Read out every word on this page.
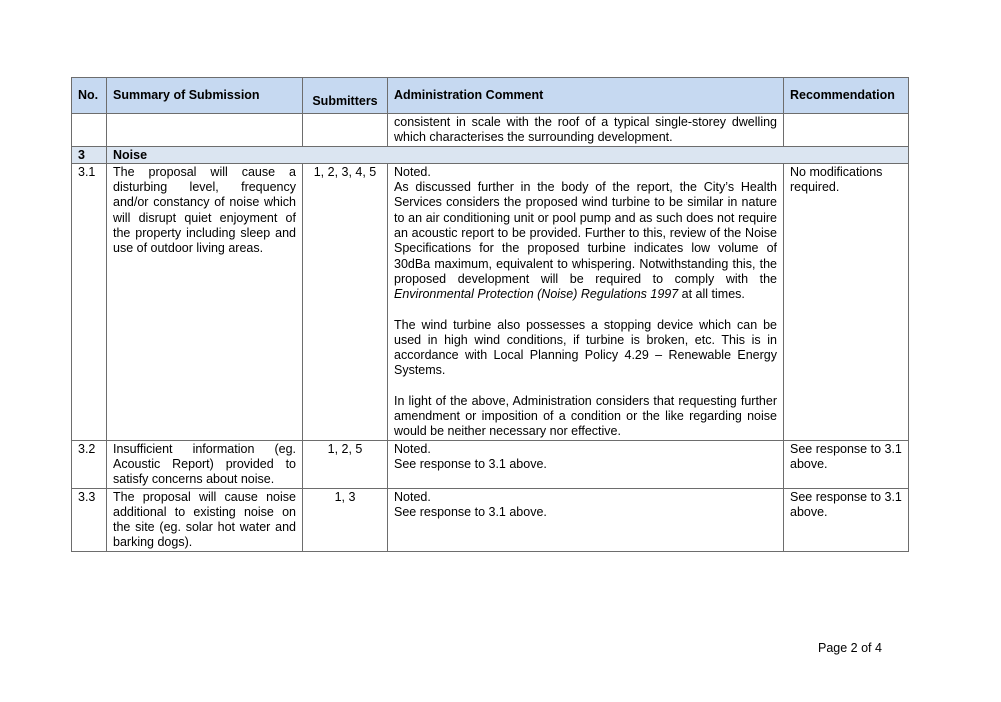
No.	Summary of Submission	Submitters	Administration Comment	Recommendation
			consistent in scale with the roof of a typical single-storey dwelling which characterises the surrounding development.	
3	Noise			
3.1	The proposal will cause a disturbing level, frequency and/or constancy of noise which will disrupt quiet enjoyment of the property including sleep and use of outdoor living areas.	1, 2, 3, 4, 5	Noted.

As discussed further in the body of the report, the City’s Health Services considers the proposed wind turbine to be similar in nature to an air conditioning unit or pool pump and as such does not require an acoustic report to be provided. Further to this, review of the Noise Specifications for the proposed turbine indicates low volume of 30dBa maximum, equivalent to whispering. Notwithstanding this, the proposed development will be required to comply with the Environmental Protection (Noise) Regulations 1997 at all times.

The wind turbine also possesses a stopping device which can be used in high wind conditions, if turbine is broken, etc. This is in accordance with Local Planning Policy 4.29 – Renewable Energy Systems.

In light of the above, Administration considers that requesting further amendment or imposition of a condition or the like regarding noise would be neither necessary nor effective.	No modifications required.
3.2	Insufficient information (eg. Acoustic Report) provided to satisfy concerns about noise.	1, 2, 5	Noted.

See response to 3.1 above.	See response to 3.1 above.
3.3	The proposal will cause noise additional to existing noise on the site (eg. solar hot water and barking dogs).	1, 3	Noted.

See response to 3.1 above.	See response to 3.1 above.
Page 2 of 4
